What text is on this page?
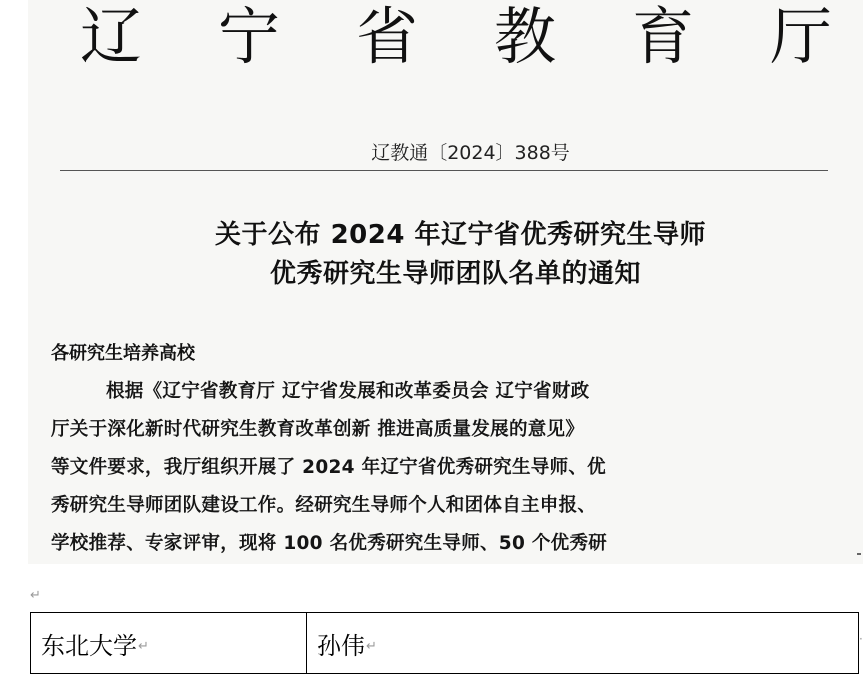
辽 宁 省 教 育 厅
辽教通〔2024〕388号
关于公布 2024 年辽宁省优秀研究生导师
优秀研究生导师团队名单的通知
各研究生培养高校
根据《辽宁省教育厅 辽宁省发展和改革委员会 辽宁省财政
厅关于深化新时代研究生教育改革创新 推进高质量发展的意见》
等文件要求，我厅组织开展了 2024 年辽宁省优秀研究生导师、优
秀研究生导师团队建设工作。经研究生导师个人和团体自主申报、
学校推荐、专家评审，现将 100 名优秀研究生导师、50 个优秀研
↵
东北大学↵	孙伟↵	·
